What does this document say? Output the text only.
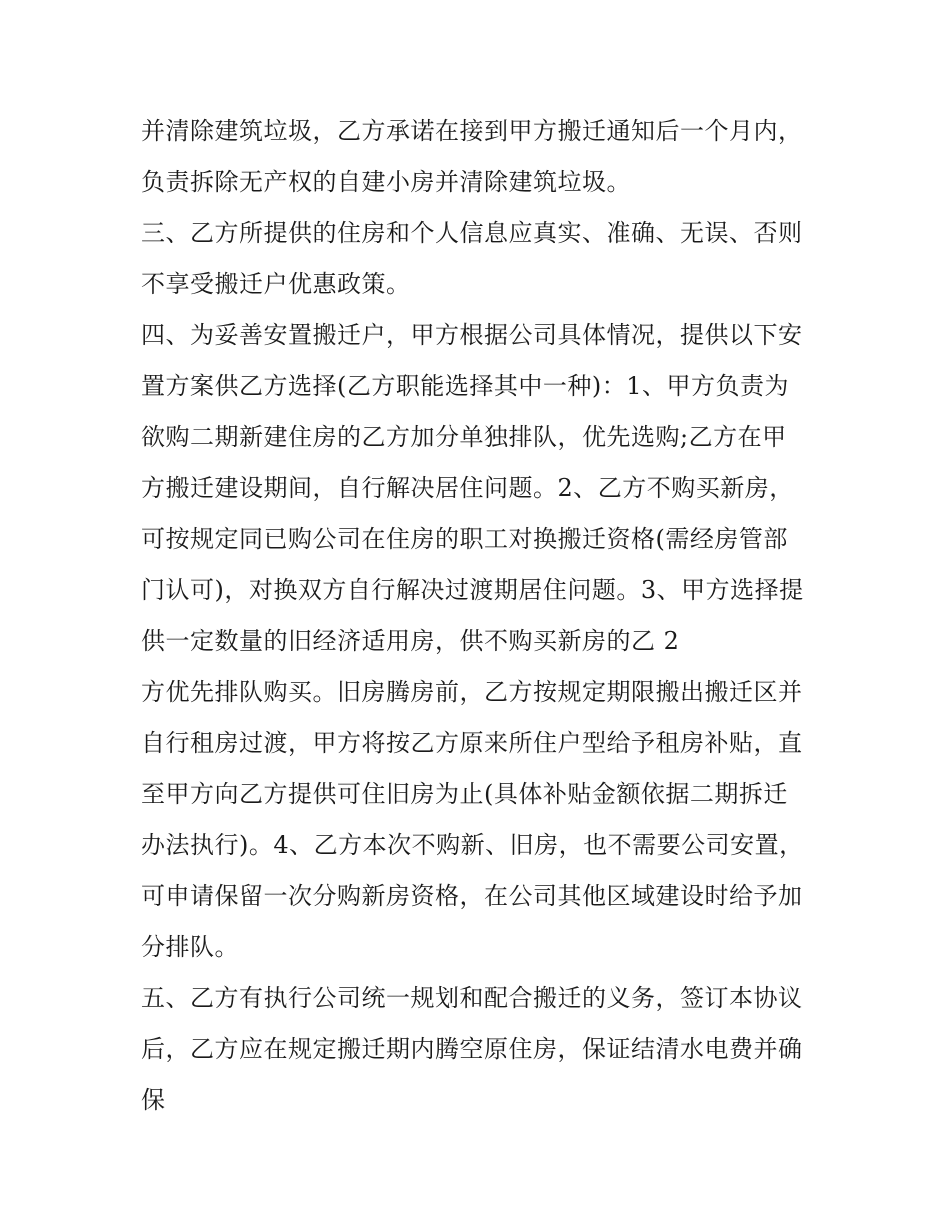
并清除建筑垃圾，乙方承诺在接到甲方搬迁通知后一个月内，
负责拆除无产权的自建小房并清除建筑垃圾。
三、乙方所提供的住房和个人信息应真实、准确、无误、否则
不享受搬迁户优惠政策。
四、为妥善安置搬迁户，甲方根据公司具体情况，提供以下安
置方案供乙方选择(乙方职能选择其中一种)：1、甲方负责为
欲购二期新建住房的乙方加分单独排队，优先选购;乙方在甲
方搬迁建设期间，自行解决居住问题。2、乙方不购买新房，
可按规定同已购公司在住房的职工对换搬迁资格(需经房管部
门认可)，对换双方自行解决过渡期居住问题。3、甲方选择提
供一定数量的旧经济适用房，供不购买新房的乙 2
方优先排队购买。旧房腾房前，乙方按规定期限搬出搬迁区并
自行租房过渡，甲方将按乙方原来所住户型给予租房补贴，直
至甲方向乙方提供可住旧房为止(具体补贴金额依据二期拆迁
办法执行)。4、乙方本次不购新、旧房，也不需要公司安置，
可申请保留一次分购新房资格，在公司其他区域建设时给予加
分排队。
五、乙方有执行公司统一规划和配合搬迁的义务，签订本协议
后，乙方应在规定搬迁期内腾空原住房，保证结清水电费并确
保
